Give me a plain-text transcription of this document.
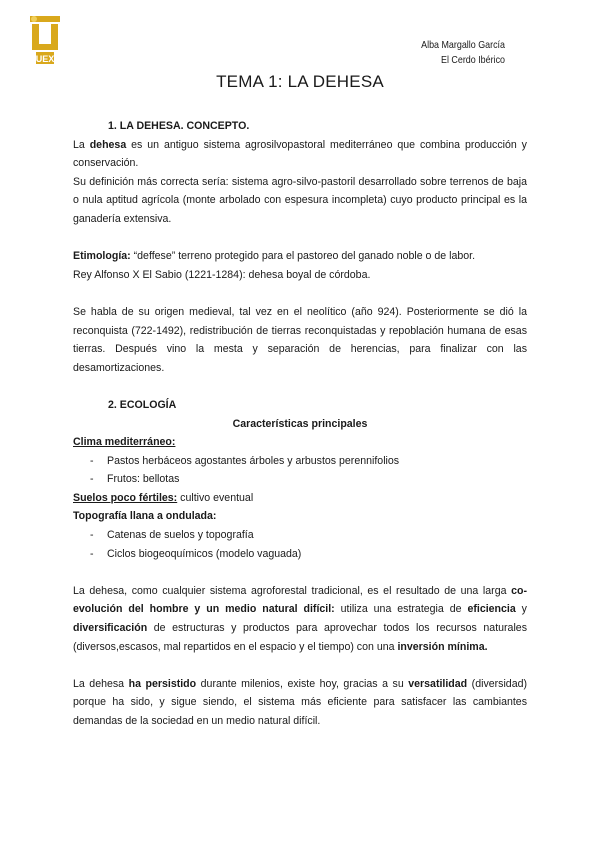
UEX
Alba Margallo García
El Cerdo Ibérico
TEMA 1: LA DEHESA

1. LA DEHESA. CONCEPTO.

La dehesa es un antiguo sistema agrosilvopastoral mediterráneo que combina producción y conservación.

Su definición más correcta sería: sistema agro-silvo-pastoril desarrollado sobre terrenos de baja o nula aptitud agrícola (monte arbolado con espesura incompleta) cuyo producto principal es la ganadería extensiva.

Etimología: “deffese” terreno protegido para el pastoreo del ganado noble o de labor.

Rey Alfonso X El Sabio (1221-1284): dehesa boyal de córdoba.

Se habla de su origen medieval, tal vez en el neolítico (año 924). Posteriormente se dió la reconquista (722-1492), redistribución de tierras reconquistadas y repoblación humana de esas tierras. Después vino la mesta y separación de herencias, para finalizar con las desamortizaciones.

2. ECOLOGÍA

Características principales

Clima mediterráneo:

- Pastos herbáceos agostantes árboles y arbustos perennifolios

- Frutos: bellotas

Suelos poco fértiles: cultivo eventual

Topografía llana a ondulada:

- Catenas de suelos y topografía

- Ciclos biogeoquímicos (modelo vaguada)

La dehesa, como cualquier sistema agroforestal tradicional, es el resultado de una larga co-evolución del hombre y un medio natural difícil: utiliza una estrategia de eficiencia y diversificación de estructuras y productos para aprovechar todos los recursos naturales (diversos,escasos, mal repartidos en el espacio y el tiempo) con una inversión mínima.

La dehesa ha persistido durante milenios, existe hoy, gracias a su versatilidad (diversidad) porque ha sido, y sigue siendo, el sistema más eficiente para satisfacer las cambiantes demandas de la sociedad en un medio natural difícil.
